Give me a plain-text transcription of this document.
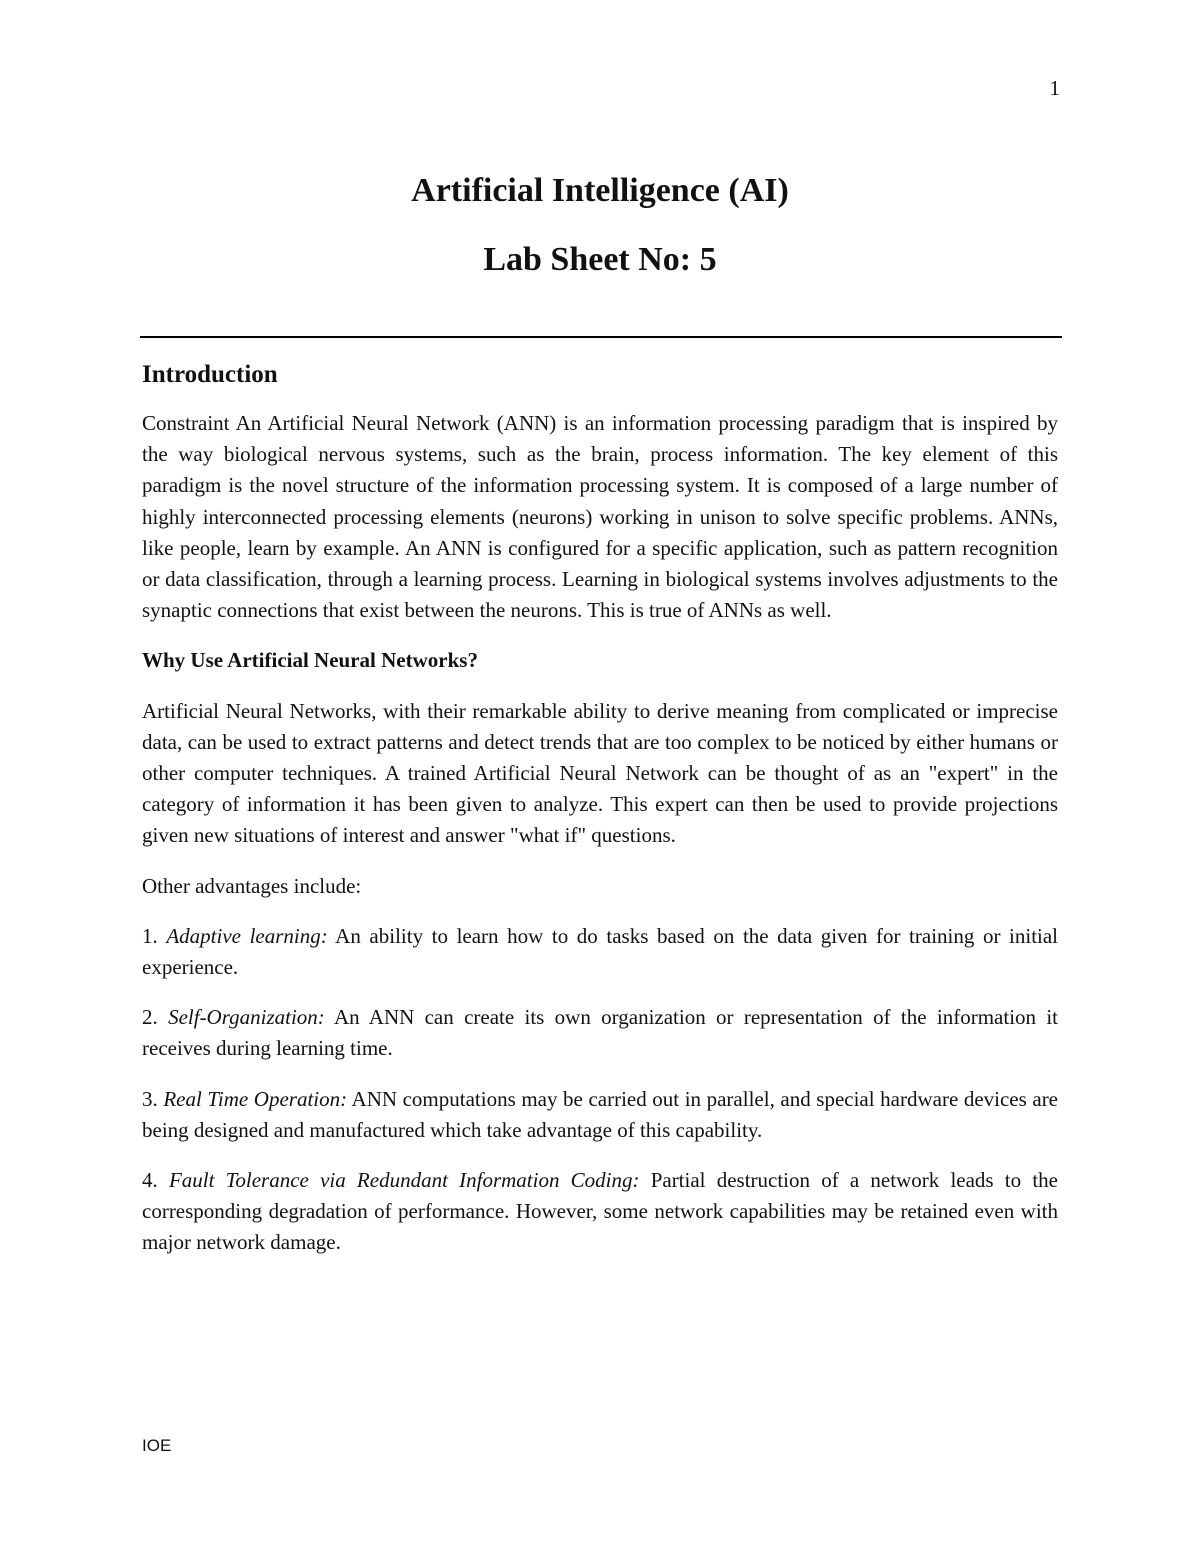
1
Artificial Intelligence (AI)
Lab Sheet No: 5
Introduction

Constraint An Artificial Neural Network (ANN) is an information processing paradigm that is inspired by the way biological nervous systems, such as the brain, process information. The key element of this paradigm is the novel structure of the information processing system. It is composed of a large number of highly interconnected processing elements (neurons) working in unison to solve specific problems. ANNs, like people, learn by example. An ANN is configured for a specific application, such as pattern recognition or data classification, through a learning process. Learning in biological systems involves adjustments to the synaptic connections that exist between the neurons. This is true of ANNs as well.

Why Use Artificial Neural Networks?

Artificial Neural Networks, with their remarkable ability to derive meaning from complicated or imprecise data, can be used to extract patterns and detect trends that are too complex to be noticed by either humans or other computer techniques. A trained Artificial Neural Network can be thought of as an "expert" in the category of information it has been given to analyze. This expert can then be used to provide projections given new situations of interest and answer "what if" questions.

Other advantages include:

1. Adaptive learning: An ability to learn how to do tasks based on the data given for training or initial experience.

2. Self-Organization: An ANN can create its own organization or representation of the information it receives during learning time.

3. Real Time Operation: ANN computations may be carried out in parallel, and special hardware devices are being designed and manufactured which take advantage of this capability.

4. Fault Tolerance via Redundant Information Coding: Partial destruction of a network leads to the corresponding degradation of performance. However, some network capabilities may be retained even with major network damage.

IOE
